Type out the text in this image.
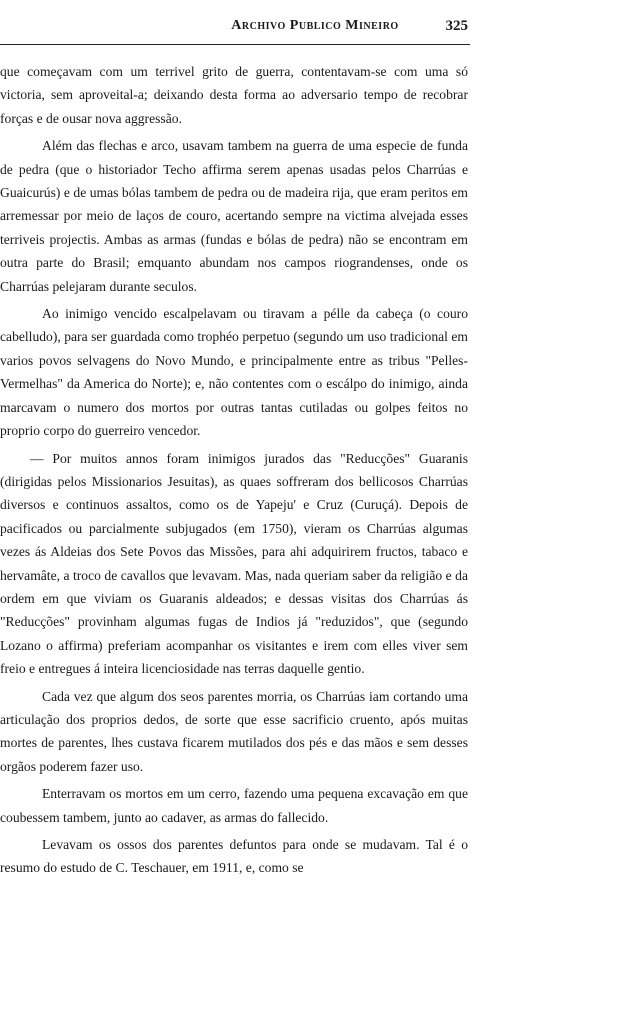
Archivo Publico Mineiro	325

que começavam com um terrivel grito de guerra, contentavam-se com uma só victoria, sem aproveital-a; deixando desta forma ao adversario tempo de recobrar forças e de ousar nova aggressão.

Além das flechas e arco, usavam tambem na guerra de uma especie de funda de pedra (que o historiador Techo affirma serem apenas usadas pelos Charrúas e Guaicurús) e de umas bólas tambem de pedra ou de madeira rija, que eram peritos em arremessar por meio de laços de couro, acertando sempre na victima alvejada esses terriveis projectis. Ambas as armas (fundas e bólas de pedra) não se encontram em outra parte do Brasil; emquanto abundam nos campos riograndenses, onde os Charrúas pelejaram durante seculos.

Ao inimigo vencido escalpelavam ou tiravam a pélle da cabeça (o couro cabelludo), para ser guardada como trophéo perpetuo (segundo um uso tradicional em varios povos selvagens do Novo Mundo, e principalmente entre as tribus "Pelles-Vermelhas" da America do Norte); e, não contentes com o escálpo do inimigo, ainda marcavam o numero dos mortos por outras tantas cutiladas ou golpes feitos no proprio corpo do guerreiro vencedor.

— Por muitos annos foram inimigos jurados das "Reducções" Guaranis (dirigidas pelos Missionarios Jesuitas), as quaes soffreram dos bellicosos Charrúas diversos e continuos assaltos, como os de Yapeju' e Cruz (Curuçá). Depois de pacificados ou parcialmente subjugados (em 1750), vieram os Charrúas algumas vezes ás Aldeias dos Sete Povos das Missões, para ahi adquirirem fructos, tabaco e hervamâte, a troco de cavallos que levavam. Mas, nada queriam saber da religião e da ordem em que viviam os Guaranis aldeados; e dessas visitas dos Charrúas ás "Reducções" provinham algumas fugas de Indios já "reduzidos", que (segundo Lozano o affirma) preferiam acompanhar os visitantes e irem com elles viver sem freio e entregues á inteira licenciosidade nas terras daquelle gentio.

Cada vez que algum dos seos parentes morria, os Charrúas iam cortando uma articulação dos proprios dedos, de sorte que esse sacrificio cruento, após muitas mortes de parentes, lhes custava ficarem mutilados dos pés e das mãos e sem desses orgãos poderem fazer uso.

Enterravam os mortos em um cerro, fazendo uma pequena excavação em que coubessem tambem, junto ao cadaver, as armas do fallecido.

Levavam os ossos dos parentes defuntos para onde se mudavam. Tal é o resumo do estudo de C. Teschauer, em 1911, e, como se
